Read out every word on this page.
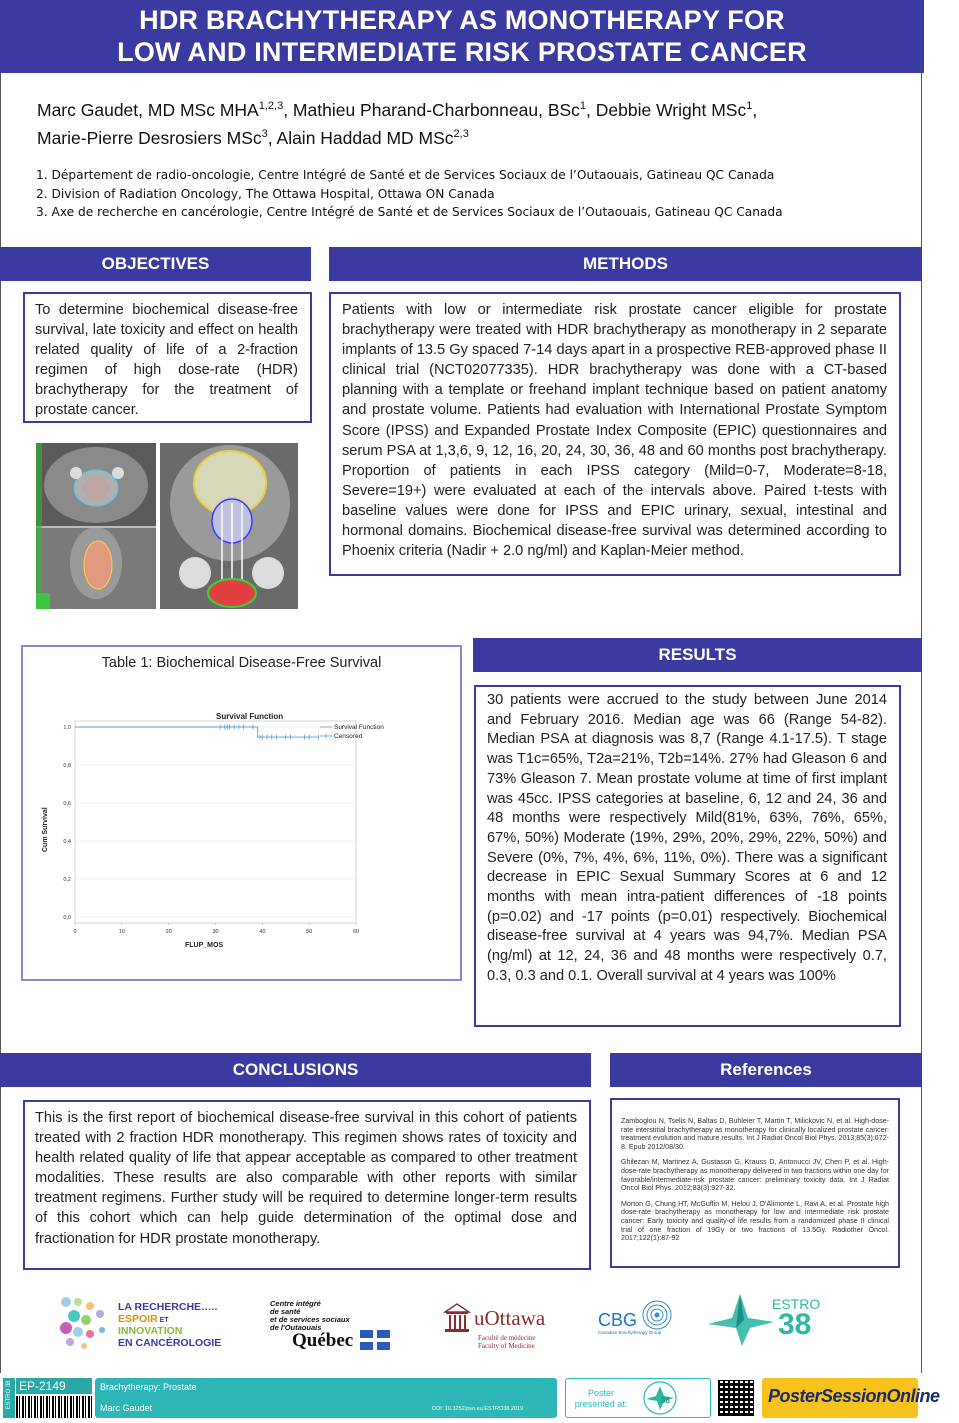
HDR BRACHYTHERAPY AS MONOTHERAPY FOR
LOW AND INTERMEDIATE RISK PROSTATE CANCER
Marc Gaudet, MD MSc MHA$^{1,2,3}$, Mathieu Pharand-Charbonneau, BSc$^1$, Debbie Wright MSc$^1$,
Marie-Pierre Desrosiers MSc$^3$, Alain Haddad MD MSc$^{2,3}$
1. Département de radio-oncologie, Centre Intégré de Santé et de Services Sociaux de l’Outaouais, Gatineau QC Canada
2. Division of Radiation Oncology, The Ottawa Hospital, Ottawa ON Canada
3. Axe de recherche en cancérologie, Centre Intégré de Santé et de Services Sociaux de l’Outaouais, Gatineau QC Canada
OBJECTIVES
To determine biochemical disease-free survival, late toxicity and effect on health related quality of life of a 2-fraction regimen of high dose-rate (HDR) brachytherapy for the treatment of prostate cancer.
METHODS
Patients with low or intermediate risk prostate cancer eligible for prostate brachytherapy were treated with HDR brachytherapy as monotherapy in 2 separate implants of 13.5 Gy spaced 7-14 days apart in a prospective REB-approved phase II clinical trial (NCT02077335). HDR brachytherapy was done with a CT-based planning with a template or freehand implant technique based on patient anatomy and prostate volume. Patients had evaluation with International Prostate Symptom Score (IPSS) and Expanded Prostate Index Composite (EPIC) questionnaires and serum PSA at 1,3,6, 9, 12, 16, 20, 24, 30, 36, 48 and 60 months post brachytherapy. Proportion of patients in each IPSS category (Mild=0-7, Moderate=8-18, Severe=19+) were evaluated at each of the intervals above. Paired t-tests with baseline values were done for IPSS and EPIC urinary, sexual, intestinal and hormonal domains. Biochemical disease-free survival was determined according to Phoenix criteria (Nadir + 2.0 ng/ml) and Kaplan-Meier method.
Table 1: Biochemical Disease-Free Survival
0,0
0,2
0,4
0,6
0,8
1,0
0	10	20	30	40	50	60
Survival Function
FLUP_MOS
Cum Survival
Survival Function
Censored
RESULTS
30 patients were accrued to the study between June 2014 and February 2016. Median age was 66 (Range 54-82). Median PSA at diagnosis was 8,7 (Range 4.1-17.5). T stage was T1c=65%, T2a=21%, T2b=14%. 27% had Gleason 6 and 73% Gleason 7. Mean prostate volume at time of first implant was 45cc. IPSS categories at baseline, 6, 12 and 24, 36 and 48 months were respectively Mild(81%, 63%, 76%, 65%, 67%, 50%) Moderate (19%, 29%, 20%, 29%, 22%, 50%) and Severe (0%, 7%, 4%, 6%, 11%, 0%). There was a significant decrease in EPIC Sexual Summary Scores at 6 and 12 months with mean intra-patient differences of -18 points (p=0.02) and -17 points (p=0.01) respectively. Biochemical disease-free survival at 4 years was 94,7%. Median PSA (ng/ml) at 12, 24, 36 and 48 months were respectively 0.7, 0.3, 0.3 and 0.1. Overall survival at 4 years was 100%
CONCLUSIONS
This is the first report of biochemical disease-free survival in this cohort of patients treated with 2 fraction HDR monotherapy. This regimen shows rates of toxicity and health related quality of life that appear acceptable as compared to other treatment modalities. These results are also comparable with other reports with similar treatment regimens. Further study will be required to determine longer-term results of this cohort which can help guide determination of the optimal dose and fractionation for HDR prostate monotherapy.
References

Zamboglou N, Tselis N, Baltas D, Buhleier T, Martin T, Milickovic N, et al. High-dose-rate interstitial brachytherapy as monotherapy for clinically localized prostate cancer: treatment evolution and mature results. Int J Radiat Oncol Biol Phys. 2013;85(3):672-8. Epub 2012/08/30.

Ghilezan M, Martinez A, Gustason G, Krauss D, Antonucci JV, Chen P, et al. High-dose-rate brachytherapy as monotherapy delivered in two fractions within one day for favorable/intermediate-risk prostate cancer: preliminary toxicity data. Int J Radiat Oncol Biol Phys. 2012;83(3):927-32.

Morton G, Chung HT, McGuffin M, Helou J, D'Alimonte L, Ravi A, et al. Prostate high dose-rate brachytherapy as monotherapy for low and intermediate risk prostate cancer: Early toxicity and quality-of life results from a randomized phase II clinical trial of one fraction of 19Gy or two fractions of 13.5Gy. Radiother Oncol. 2017;122(1):87-92

LA RECHERCHE…..
ESPOIR ET INNOVATION
EN CANCÉROLOGIE
Centre intégré
de santé
et de services sociaux
de l'Outaouais
Québec
uOttawa
Faculté de médecine
Faculty of Medicine
CBG
Canadian Brachytherapy Group
ESTRO
38
ESTRO 38 EP-2149	Brachytherapy: Prostate
Marc Gaudet	DOI: 10.3252/pso.eu.ESTRO38.2019
Poster
presented at:	38	PosterSessionOnline.com
